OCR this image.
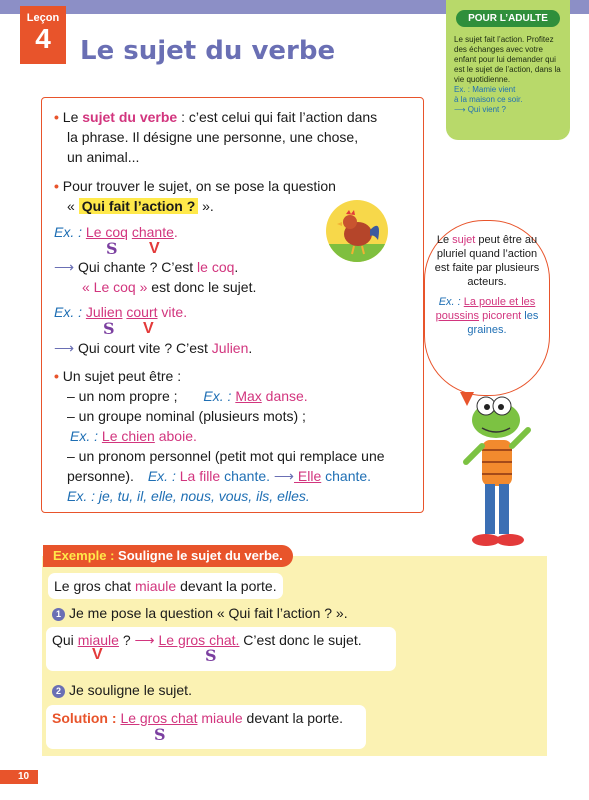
Leçon
4	Le sujet du verbe
POUR L’ADULTE
Le sujet fait l’action. Profitez des échanges avec votre enfant pour lui demander qui est le sujet de l’action, dans la vie quotidienne.
Ex. : Mamie vient
à la maison ce soir.
⟶ Qui vient ?
• Le sujet du verbe : c’est celui qui fait l’action dans
la phrase. Il désigne une personne, une chose,
un animal...
• Pour trouver le sujet, on se pose la question
« Qui fait l’action ? ».
Ex. : Le coq chante.
S V
⟶ Qui chante ? C’est le coq.
« Le coq » est donc le sujet.
Ex. : Julien court vite.
S V
⟶ Qui court vite ? C’est Julien.
• Un sujet peut être :
– un nom propre ; Ex. : Max danse.
– un groupe nominal (plusieurs mots) ;
Ex. : Le chien aboie.
– un pronom personnel (petit mot qui remplace une
personne). Ex. : La fille chante. ⟶ Elle chante.
Ex. : je, tu, il, elle, nous, vous, ils, elles.
Le sujet peut être au pluriel quand l’action est faite par plusieurs acteurs.
Ex. : La poule et les poussins picorent les graines.
Exemple : Souligne le sujet du verbe.
Le gros chat miaule devant la porte.
1 Je me pose la question « Qui fait l’action ? ».
Qui miaule ? ⟶ Le gros chat. C’est donc le sujet.
V	S
2 Je souligne le sujet.
Solution : Le gros chat miaule devant la porte.
S
10
